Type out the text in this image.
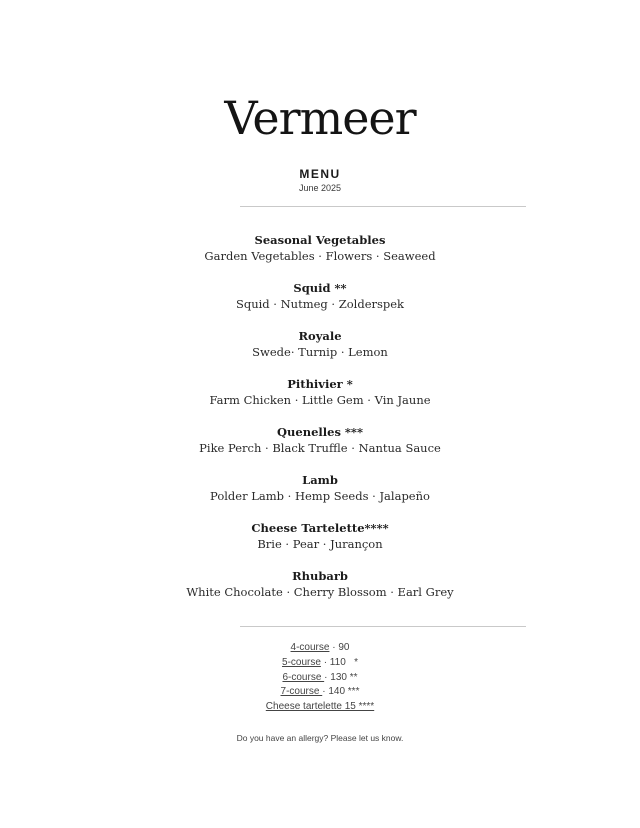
Vermeer
MENU
June 2025
Seasonal Vegetables
Garden Vegetables · Flowers · Seaweed
Squid **
Squid · Nutmeg · Zolderspek
Royale
Swede· Turnip · Lemon
Pithivier *
Farm Chicken · Little Gem · Vin Jaune
Quenelles ***
Pike Perch · Black Truffle · Nantua Sauce
Lamb
Polder Lamb · Hemp Seeds · Jalapeño
Cheese Tartelette****
Brie · Pear · Jurançon
Rhubarb
White Chocolate · Cherry Blossom · Earl Grey
4-course · 90
5-course · 110   *
6-course · 130 **
7-course · 140 ***
Cheese tartelette 15 ****
Do you have an allergy? Please let us know.
